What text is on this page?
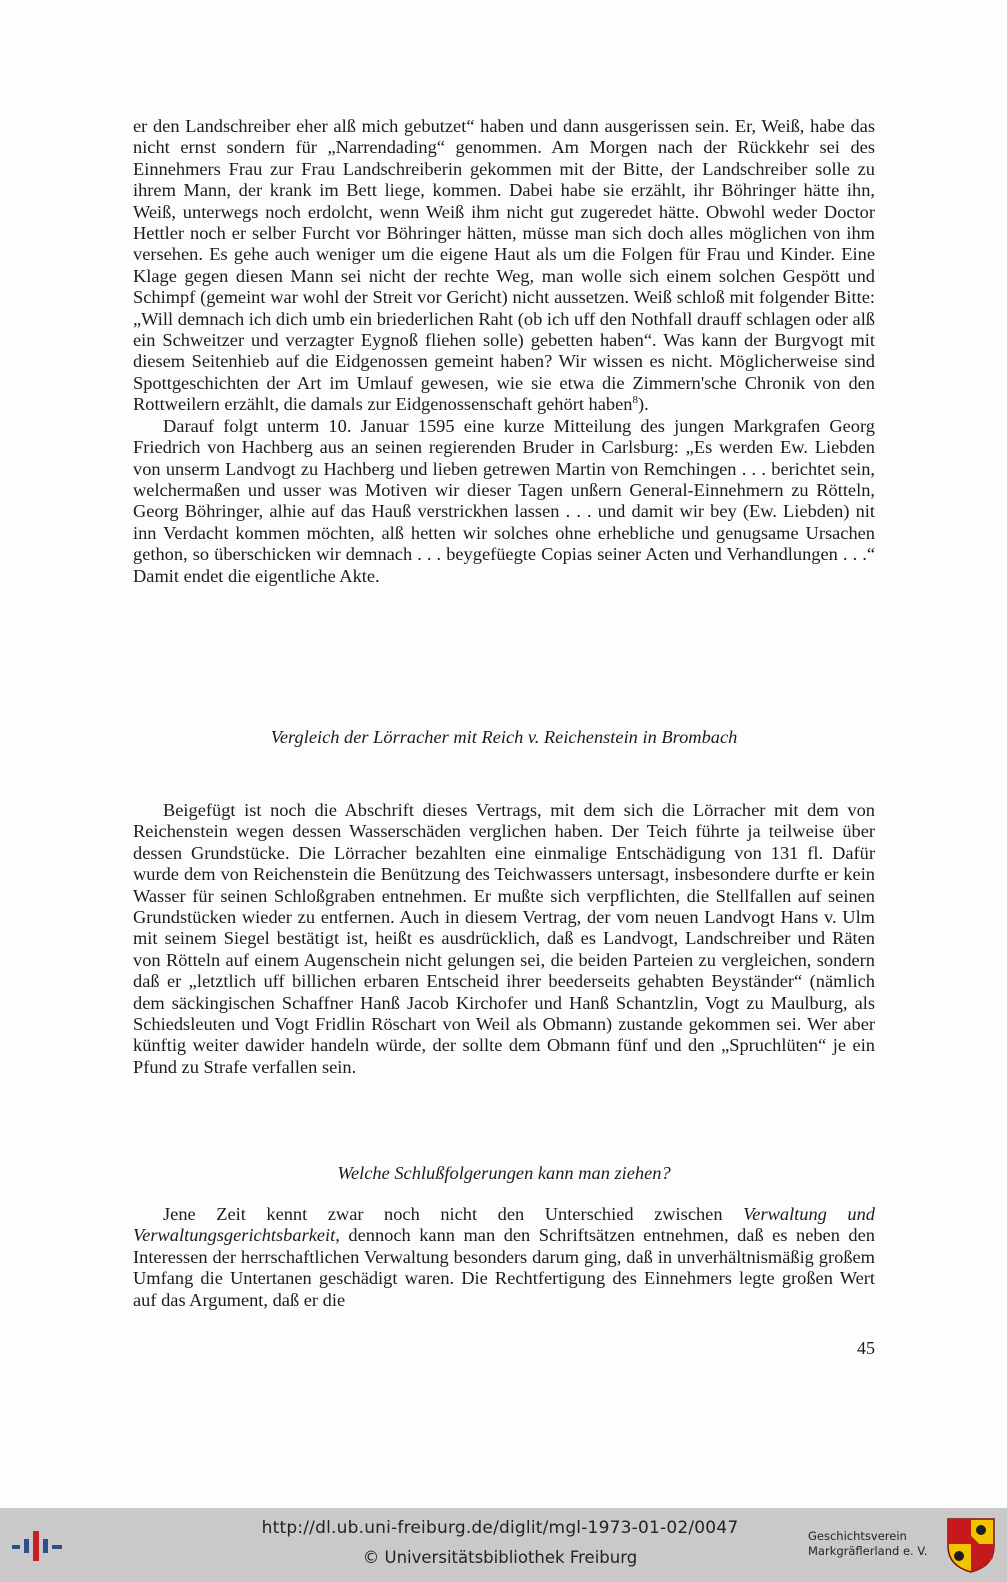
er den Landschreiber eher alß mich gebutzet“ haben und dann ausgerissen sein. Er, Weiß, habe das nicht ernst sondern für „Narrendading“ genommen. Am Morgen nach der Rückkehr sei des Einnehmers Frau zur Frau Landschreiberin gekommen mit der Bitte, der Landschreiber solle zu ihrem Mann, der krank im Bett liege, kommen. Dabei habe sie erzählt, ihr Böhringer hätte ihn, Weiß, unterwegs noch erdolcht, wenn Weiß ihm nicht gut zugeredet hätte. Obwohl weder Doctor Hettler noch er selber Furcht vor Böhringer hätten, müsse man sich doch alles möglichen von ihm versehen. Es gehe auch weniger um die eigene Haut als um die Folgen für Frau und Kinder. Eine Klage gegen diesen Mann sei nicht der rechte Weg, man wolle sich einem solchen Gespött und Schimpf (gemeint war wohl der Streit vor Gericht) nicht aussetzen. Weiß schloß mit folgender Bitte: „Will demnach ich dich umb ein briederlichen Raht (ob ich uff den Nothfall drauff schlagen oder alß ein Schweitzer und verzagter Eygnoß fliehen solle) gebetten haben“. Was kann der Burgvogt mit diesem Seitenhieb auf die Eidgenossen gemeint haben? Wir wissen es nicht. Möglicherweise sind Spottgeschichten der Art im Umlauf gewesen, wie sie etwa die Zimmern'sche Chronik von den Rottweilern erzählt, die damals zur Eidgenossenschaft gehört haben$^8$).

Darauf folgt unterm 10. Januar 1595 eine kurze Mitteilung des jungen Markgrafen Georg Friedrich von Hachberg aus an seinen regierenden Bruder in Carlsburg: „Es werden Ew. Liebden von unserm Landvogt zu Hachberg und lieben getrewen Martin von Remchingen . . . berichtet sein, welchermaßen und usser was Motiven wir dieser Tagen unßern General-Einnehmern zu Rötteln, Georg Böhringer, alhie auf das Hauß verstrickhen lassen . . . und damit wir bey (Ew. Liebden) nit inn Verdacht kommen möchten, alß hetten wir solches ohne erhebliche und genugsame Ursachen gethon, so überschicken wir demnach . . . beygefüegte Copias seiner Acten und Verhandlungen . . .“ Damit endet die eigentliche Akte.

Vergleich der Lörracher mit Reich v. Reichenstein in Brombach

Beigefügt ist noch die Abschrift dieses Vertrags, mit dem sich die Lörracher mit dem von Reichenstein wegen dessen Wasserschäden verglichen haben. Der Teich führte ja teilweise über dessen Grundstücke. Die Lörracher bezahlten eine einmalige Entschädigung von 131 fl. Dafür wurde dem von Reichenstein die Benützung des Teichwassers untersagt, insbesondere durfte er kein Wasser für seinen Schloßgraben entnehmen. Er mußte sich verpflichten, die Stellfallen auf seinen Grundstücken wieder zu entfernen. Auch in diesem Vertrag, der vom neuen Landvogt Hans v. Ulm mit seinem Siegel bestätigt ist, heißt es ausdrücklich, daß es Landvogt, Landschreiber und Räten von Rötteln auf einem Augenschein nicht gelungen sei, die beiden Parteien zu vergleichen, sondern daß er „letztlich uff billichen erbaren Entscheid ihrer beederseits gehabten Beyständer“ (nämlich dem säckingischen Schaffner Hanß Jacob Kirchofer und Hanß Schantzlin, Vogt zu Maulburg, als Schiedsleuten und Vogt Fridlin Röschart von Weil als Obmann) zustande gekommen sei. Wer aber künftig weiter dawider handeln würde, der sollte dem Obmann fünf und den „Spruchlüten“ je ein Pfund zu Strafe verfallen sein.

Welche Schlußfolgerungen kann man ziehen?

Jene Zeit kennt zwar noch nicht den Unterschied zwischen Verwaltung und Verwaltungsgerichtsbarkeit, dennoch kann man den Schriftsätzen entnehmen, daß es neben den Interessen der herrschaftlichen Verwaltung besonders darum ging, daß in unverhältnismäßig großem Umfang die Untertanen geschädigt waren. Die Rechtfertigung des Einnehmers legte großen Wert auf das Argument, daß er die

45
http://dl.ub.uni-freiburg.de/diglit/mgl-1973-01-02/0047
© Universitätsbibliothek Freiburg
Geschichtsverein
Markgräflerland e. V.
